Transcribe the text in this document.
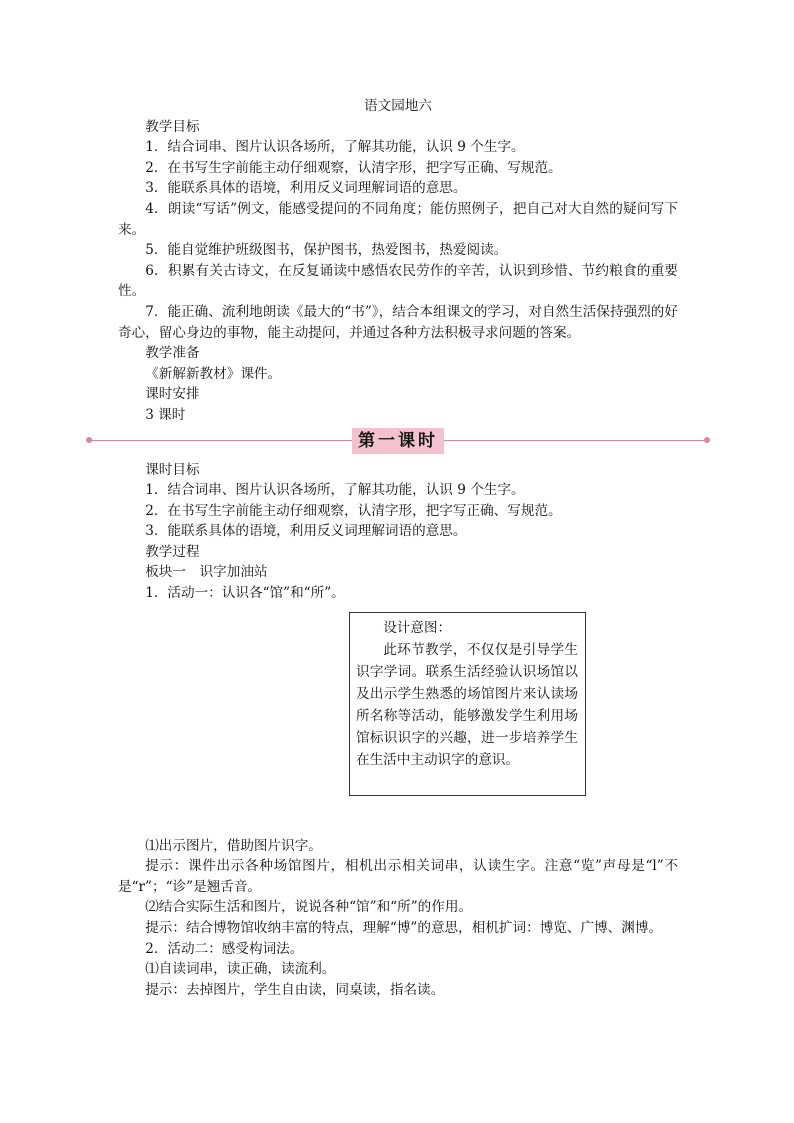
语文园地六

教学目标

1．结合词串、图片认识各场所，了解其功能，认识 9 个生字。

2．在书写生字前能主动仔细观察，认清字形，把字写正确、写规范。

3．能联系具体的语境，利用反义词理解词语的意思。

4．朗读“写话”例文，能感受提问的不同角度；能仿照例子，把自己对大自然的疑问写下来。

5．能自觉维护班级图书，保护图书，热爱图书，热爱阅读。

6．积累有关古诗文，在反复诵读中感悟农民劳作的辛苦，认识到珍惜、节约粮食的重要性。

7．能正确、流利地朗读《最大的“书”》，结合本组课文的学习，对自然生活保持强烈的好奇心，留心身边的事物，能主动提问，并通过各种方法积极寻求问题的答案。

教学准备

《新解新教材》课件。

课时安排

3 课时

第一课时

课时目标

1．结合词串、图片认识各场所，了解其功能，认识 9 个生字。

2．在书写生字前能主动仔细观察，认清字形，把字写正确、写规范。

3．能联系具体的语境，利用反义词理解词语的意思。

教学过程

板块一　识字加油站

1．活动一：认识各“馆”和“所”。

设计意图：

此环节教学，不仅仅是引导学生识字学词。联系生活经验认识场馆以及出示学生熟悉的场馆图片来认读场所名称等活动，能够激发学生利用场馆标识识字的兴趣，进一步培养学生在生活中主动识字的意识。

⑴出示图片，借助图片识字。

提示：课件出示各种场馆图片，相机出示相关词串，认读生字。注意“览”声母是“l”不是“r”；“诊”是翘舌音。

⑵结合实际生活和图片，说说各种“馆”和“所”的作用。

提示：结合博物馆收纳丰富的特点，理解“博”的意思，相机扩词：博览、广博、渊博。

2．活动二：感受构词法。

⑴自读词串，读正确，读流利。

提示：去掉图片，学生自由读，同桌读，指名读。
